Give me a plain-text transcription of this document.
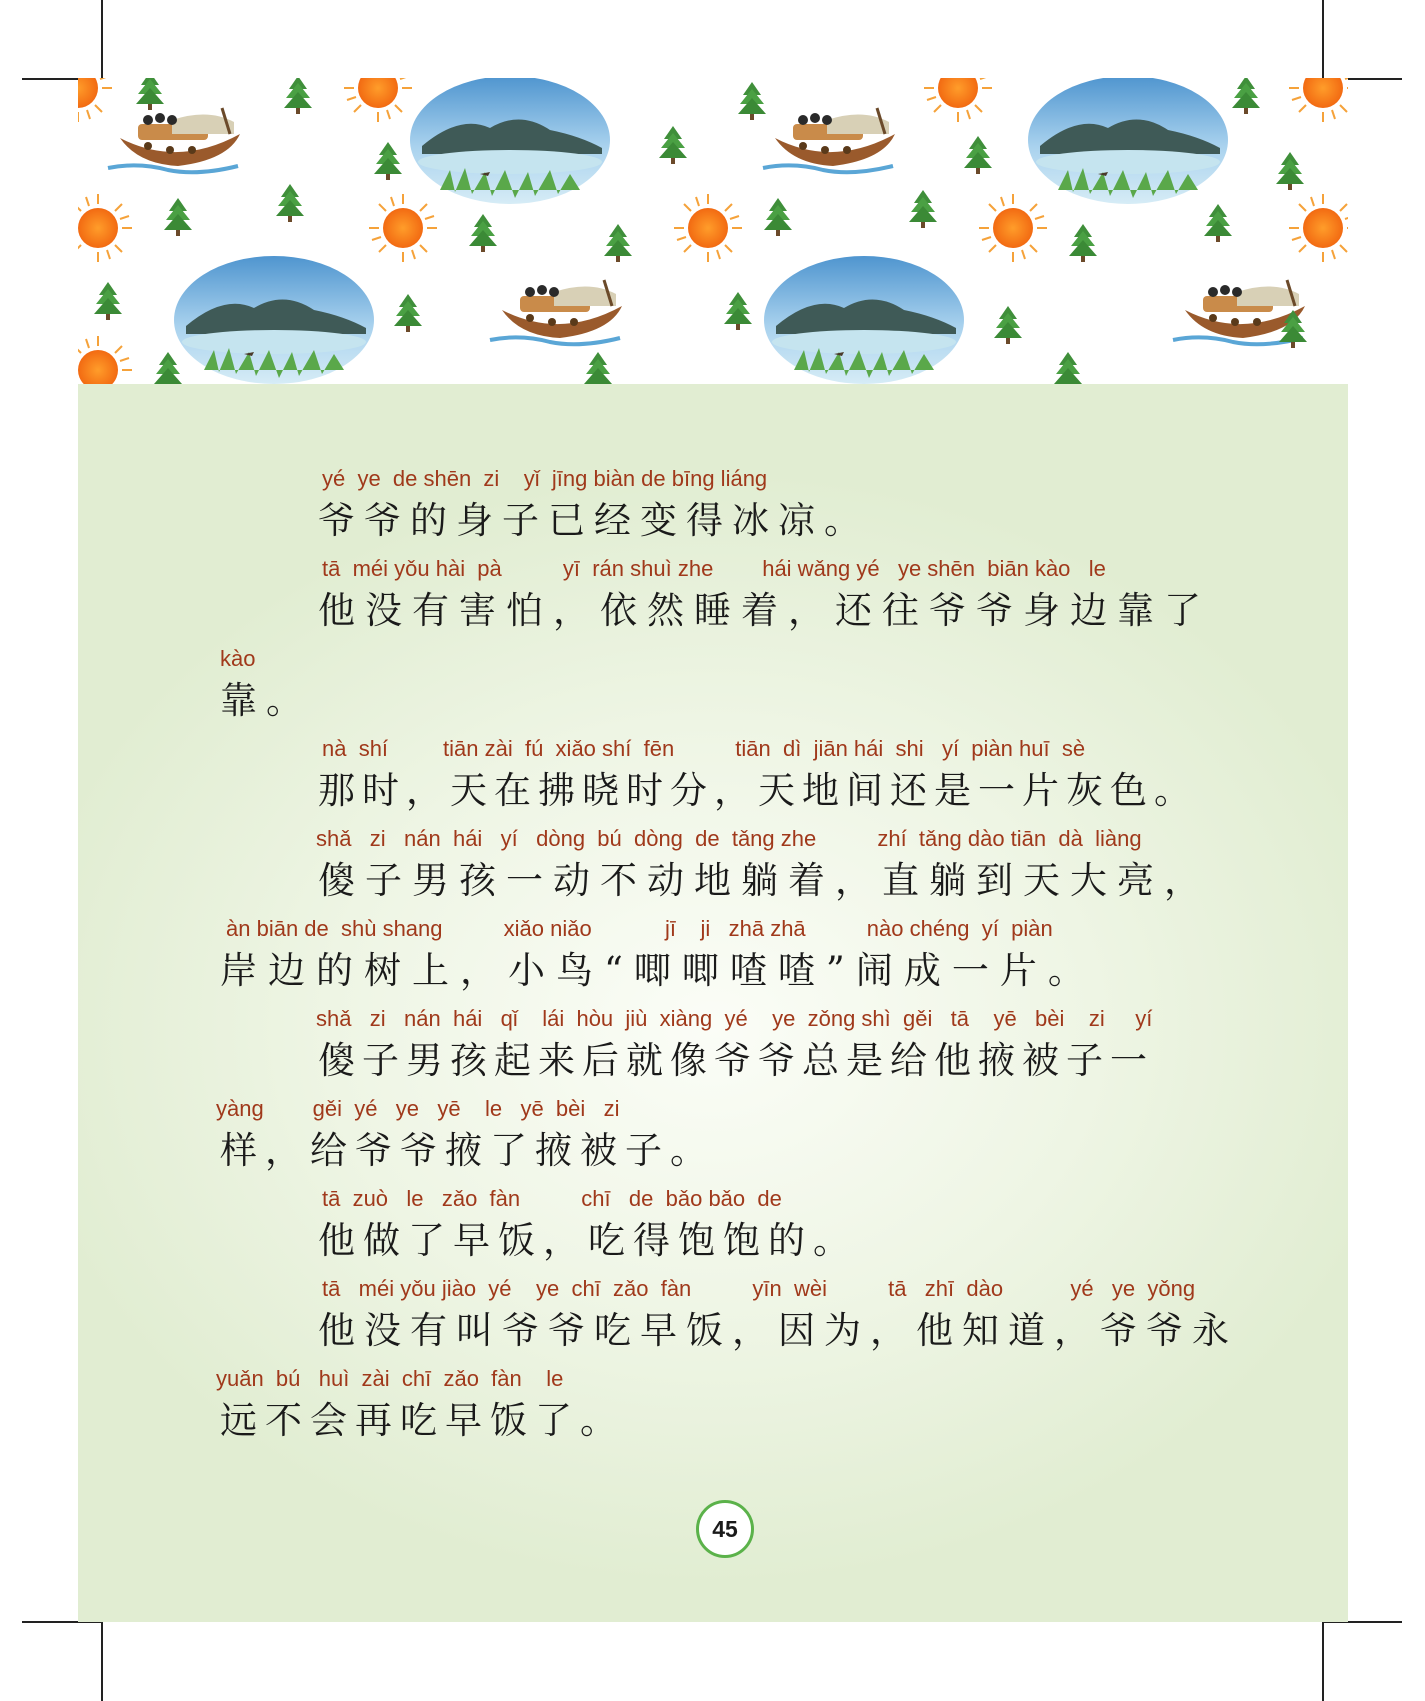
yé  ye  de shēn  zi    yǐ  jīng biàn de bīng liáng
爷爷的身子已经变得冰凉。
tā  méi yǒu hài  pà          yī  rán shuì zhe        hái wǎng yé   ye shēn  biān kào   le
他没有害怕，依然睡着，还往爷爷身边靠了
kào
靠。
nà  shí         tiān zài  fú  xiǎo shí  fēn          tiān  dì  jiān hái  shi   yí  piàn huī  sè
那时，天在拂晓时分，天地间还是一片灰色。
shǎ   zi   nán  hái   yí   dòng  bú  dòng  de  tǎng zhe          zhí  tǎng dào tiān  dà  liàng
傻子男孩一动不动地躺着，直躺到天大亮，
àn biān de  shù shang          xiǎo niǎo            jī    ji   zhā zhā          nào chéng  yí  piàn
岸边的树上，小鸟“唧唧喳喳”闹成一片。
shǎ   zi   nán  hái   qǐ    lái  hòu  jiù  xiàng  yé    ye  zǒng shì  gěi   tā    yē   bèi    zi     yí
傻子男孩起来后就像爷爷总是给他掖被子一
yàng        gěi  yé   ye   yē    le   yē  bèi   zi
样，给爷爷掖了掖被子。
tā  zuò   le   zǎo  fàn          chī   de  bǎo bǎo  de
他做了早饭，吃得饱饱的。
tā   méi yǒu jiào  yé    ye  chī  zǎo  fàn          yīn  wèi          tā   zhī  dào           yé   ye  yǒng
他没有叫爷爷吃早饭，因为，他知道，爷爷永
yuǎn  bú   huì  zài  chī  zǎo  fàn    le
远不会再吃早饭了。
45
